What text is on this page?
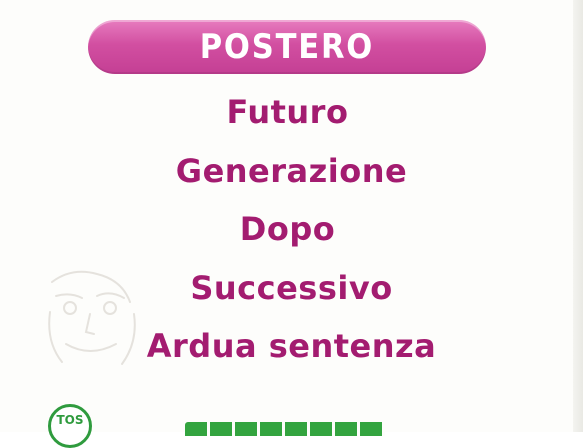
POSTERO
Futuro
Generazione
Dopo
Successivo
Ardua sentenza
TOS
